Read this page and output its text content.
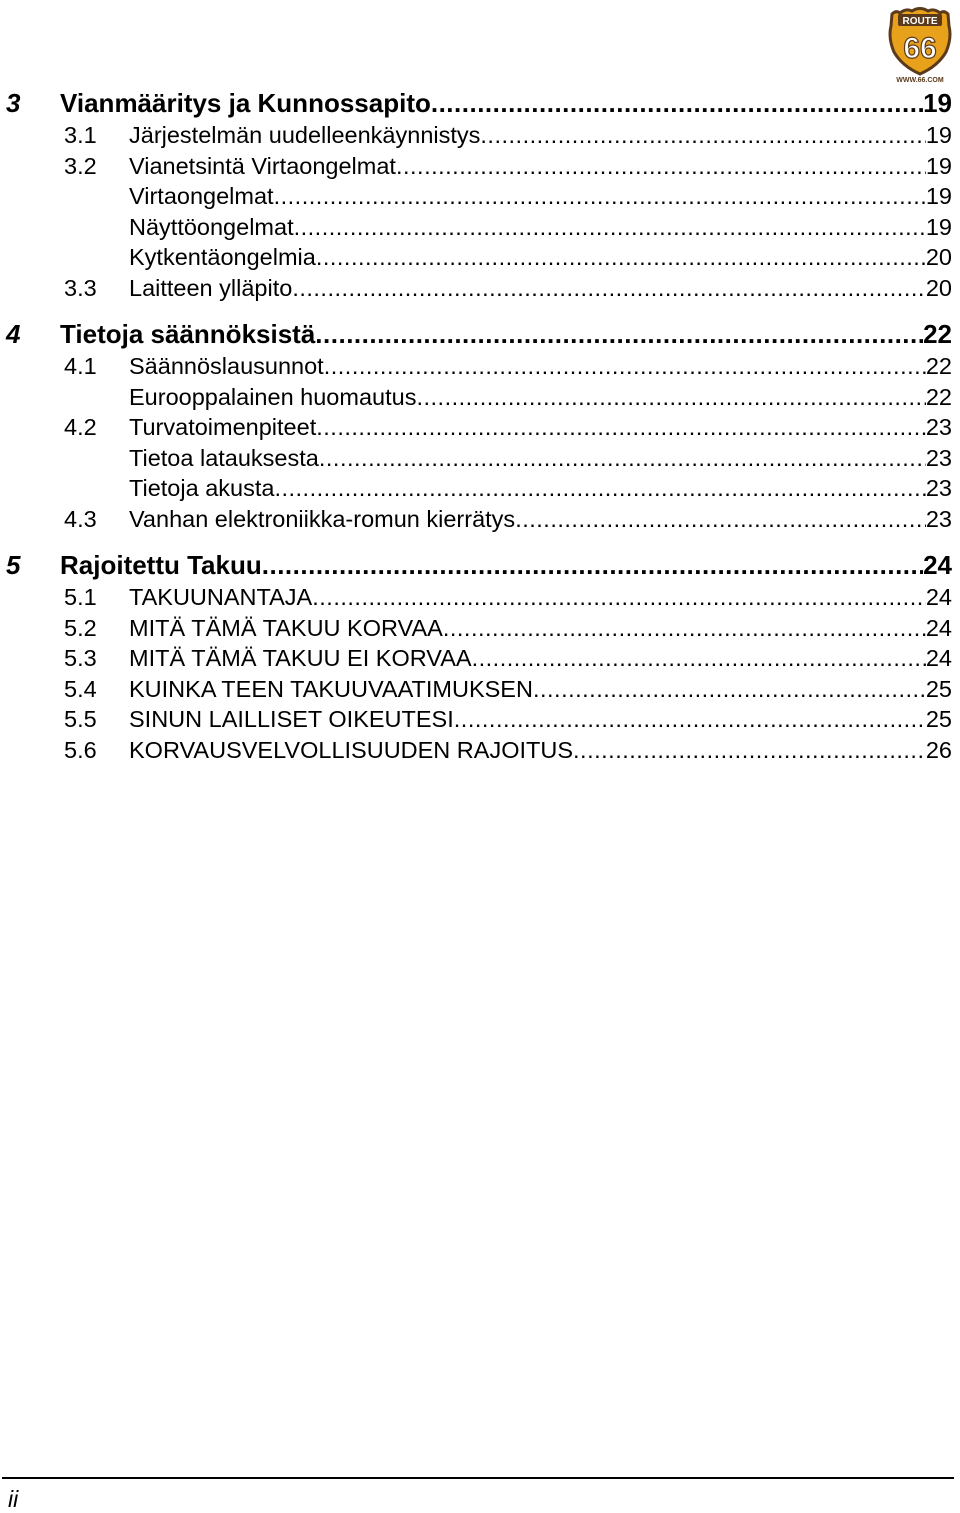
ROUTE
66
WWW.66.COM
3 Vianmääritys ja Kunnossapito .....	19
3.1 Järjestelmän uudelleenkäynnistys .....	19
3.2 Vianetsintä Virtaongelmat .....	19
Virtaongelmat .....	19
Näyttöongelmat .....	19
Kytkentäongelmia .....	20
3.3 Laitteen ylläpito .....	20
4 Tietoja säännöksistä .....	22
4.1 Säännöslausunnot .....	22
Eurooppalainen huomautus .....	22
4.2 Turvatoimenpiteet .....	23
Tietoa latauksesta .....	23
Tietoja akusta .....	23
4.3 Vanhan elektroniikka-romun kierrätys .....	23
5 Rajoitettu Takuu .....	24
5.1 TAKUUNANTAJA .....	24
5.2 MITÄ TÄMÄ TAKUU KORVAA .....	24
5.3 MITÄ TÄMÄ TAKUU EI KORVAA .....	24
5.4 KUINKA TEEN TAKUUVAATIMUKSEN .....	25
5.5 SINUN LAILLISET OIKEUTESI .....	25
5.6 KORVAUSVELVOLLISUUDEN RAJOITUS .....	26
ii
